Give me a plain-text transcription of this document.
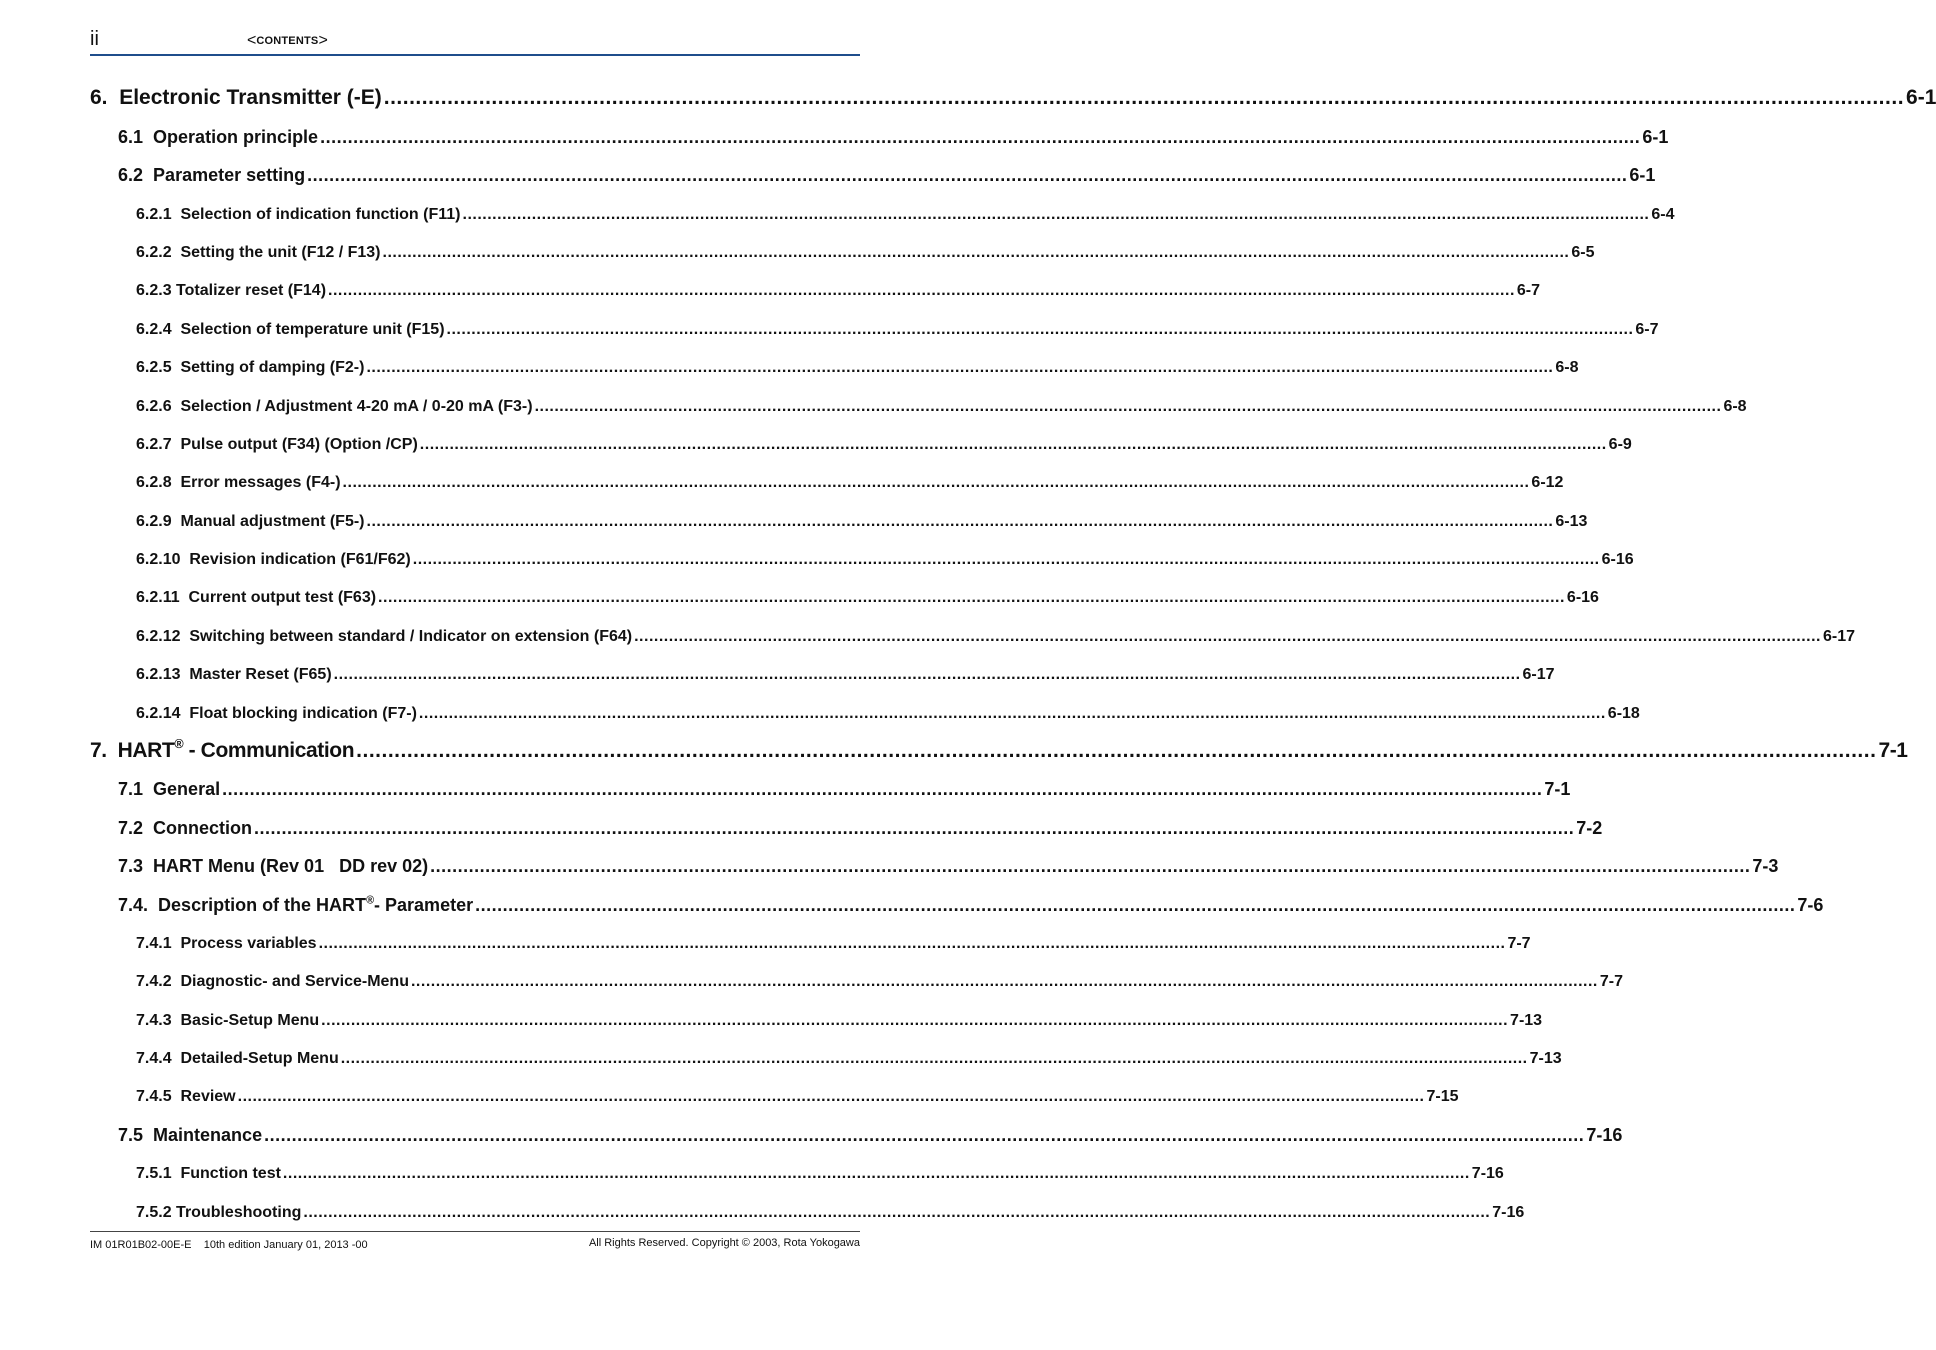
ii	<CONTENTS>
6. Electronic Transmitter (-E) ................................................................................................................................................................................................................................................ 6-1
6.1 Operation principle ................................................................................................................................................................................................................................................ 6-1
6.2 Parameter setting ................................................................................................................................................................................................................................................ 6-1
6.2.1 Selection of indication function (F11) ................................................................................................................................................................................................................................................ 6-4
6.2.2 Setting the unit (F12 / F13) ................................................................................................................................................................................................................................................ 6-5
6.2.3 Totalizer reset (F14) ................................................................................................................................................................................................................................................ 6-7
6.2.4 Selection of temperature unit (F15) ................................................................................................................................................................................................................................................ 6-7
6.2.5 Setting of damping (F2-) ................................................................................................................................................................................................................................................ 6-8
6.2.6 Selection / Adjustment 4-20 mA / 0-20 mA (F3-) ................................................................................................................................................................................................................................................ 6-8
6.2.7 Pulse output (F34) (Option /CP) ................................................................................................................................................................................................................................................ 6-9
6.2.8 Error messages (F4-) ................................................................................................................................................................................................................................................ 6-12
6.2.9 Manual adjustment (F5-) ................................................................................................................................................................................................................................................ 6-13
6.2.10 Revision indication (F61/F62) ................................................................................................................................................................................................................................................ 6-16
6.2.11 Current output test (F63) ................................................................................................................................................................................................................................................ 6-16
6.2.12 Switching between standard / Indicator on extension (F64) ................................................................................................................................................................................................................................................ 6-17
6.2.13 Master Reset (F65) ................................................................................................................................................................................................................................................ 6-17
6.2.14 Float blocking indication (F7-) ................................................................................................................................................................................................................................................ 6-18
7. HART® - Communication ................................................................................................................................................................................................................................................ 7-1
7.1 General ................................................................................................................................................................................................................................................ 7-1
7.2 Connection ................................................................................................................................................................................................................................................ 7-2
7.3 HART Menu (Rev 01   DD rev 02) ................................................................................................................................................................................................................................................ 7-3
7.4. Description of the HART®- Parameter ................................................................................................................................................................................................................................................ 7-6
7.4.1 Process variables ................................................................................................................................................................................................................................................ 7-7
7.4.2 Diagnostic- and Service-Menu ................................................................................................................................................................................................................................................ 7-7
7.4.3 Basic-Setup Menu ................................................................................................................................................................................................................................................ 7-13
7.4.4 Detailed-Setup Menu ................................................................................................................................................................................................................................................ 7-13
7.4.5 Review ................................................................................................................................................................................................................................................ 7-15
7.5 Maintenance ................................................................................................................................................................................................................................................ 7-16
7.5.1 Function test ................................................................................................................................................................................................................................................ 7-16
7.5.2 Troubleshooting ................................................................................................................................................................................................................................................ 7-16
IM 01R01B02-00E-E 10th edition January 01, 2013 -00	All Rights Reserved. Copyright © 2003, Rota Yokogawa
